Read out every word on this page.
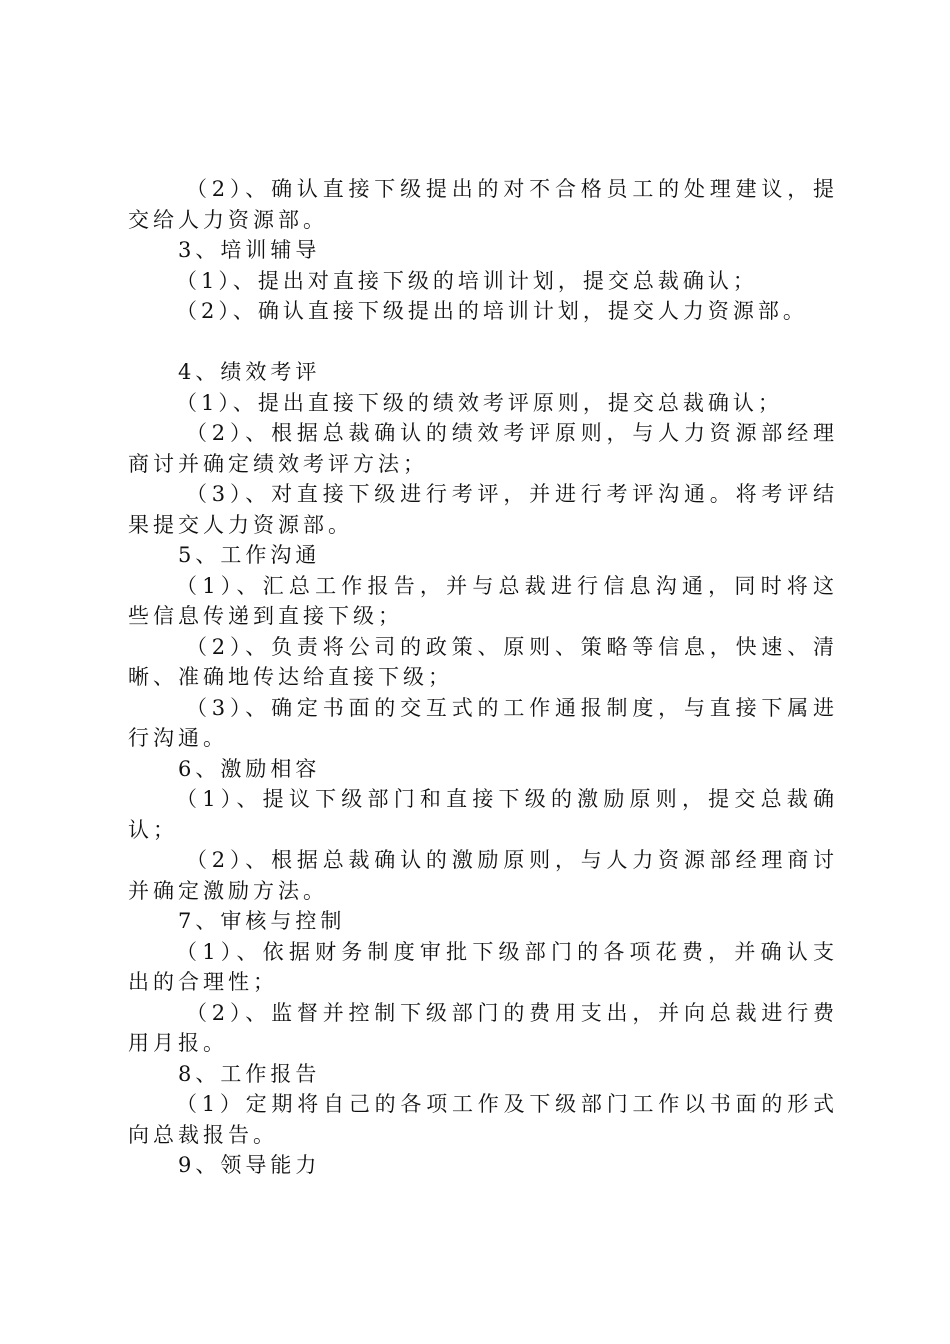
（2）、确认直接下级提出的对不合格员工的处理建议，提
交给人力资源部。
3、培训辅导
（1）、提出对直接下级的培训计划，提交总裁确认；
（2）、确认直接下级提出的培训计划，提交人力资源部。
4、绩效考评
（1）、提出直接下级的绩效考评原则，提交总裁确认；
（2）、根据总裁确认的绩效考评原则，与人力资源部经理
商讨并确定绩效考评方法；
（3）、对直接下级进行考评，并进行考评沟通。将考评结
果提交人力资源部。
5、工作沟通
（1）、汇总工作报告，并与总裁进行信息沟通，同时将这
些信息传递到直接下级；
（2）、负责将公司的政策、原则、策略等信息，快速、清
晰、准确地传达给直接下级；
（3）、确定书面的交互式的工作通报制度，与直接下属进
行沟通。
6、激励相容
（1）、提议下级部门和直接下级的激励原则，提交总裁确
认；
（2）、根据总裁确认的激励原则，与人力资源部经理商讨
并确定激励方法。
7、审核与控制
（1）、依据财务制度审批下级部门的各项花费，并确认支
出的合理性；
（2）、监督并控制下级部门的费用支出，并向总裁进行费
用月报。
8、工作报告
（1）定期将自己的各项工作及下级部门工作以书面的形式
向总裁报告。
9、领导能力
